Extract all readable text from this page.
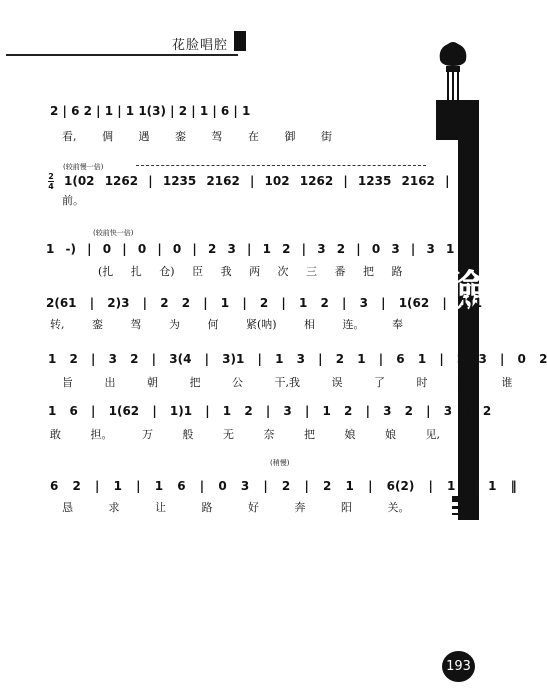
花脸唱腔
臉
2 | 6 2 | 1 | 1 1(3) | 2 | 1 | 6 | 1
看, 倜 遇 銮 驾 在 御 街
(较前慢一倍)
2
4 1(02 1262 | 1235 2162 | 102 1262 | 1235 2162 |
前。
(较前快一倍)
1 -) | 0 | 0 | 0 | 2 3 | 1 2 | 3 2 | 0 3 | 3 1
(扎 扎 仓) 臣 我 两 次 三 番 把 路
2(61 | 2)3 | 2 2 | 1 | 2 | 1 2 | 3 | 1(62 | 1)1
转, 銮 驾 为 何 紧(呐) 相 连。 奉
1 2 | 3 2 | 3(4 | 3)1 | 1 3 | 2 1 | 6 1 | 2 3 | 0 2
旨 出 朝 把 公 干,我 误 了 时 刻 谁
1 6 | 1(62 | 1)1 | 1 2 | 3 | 1 2 | 3 2 | 3 | 2
敢 担。 万 般 无 奈 把 娘 娘 见,
(稍慢)
6 2 | 1 | 1 6 | 0 3 | 2 | 2 1 | 6(2) | 1 | 1 ‖
恳 求 让 路 好 奔 阳 关。
193
